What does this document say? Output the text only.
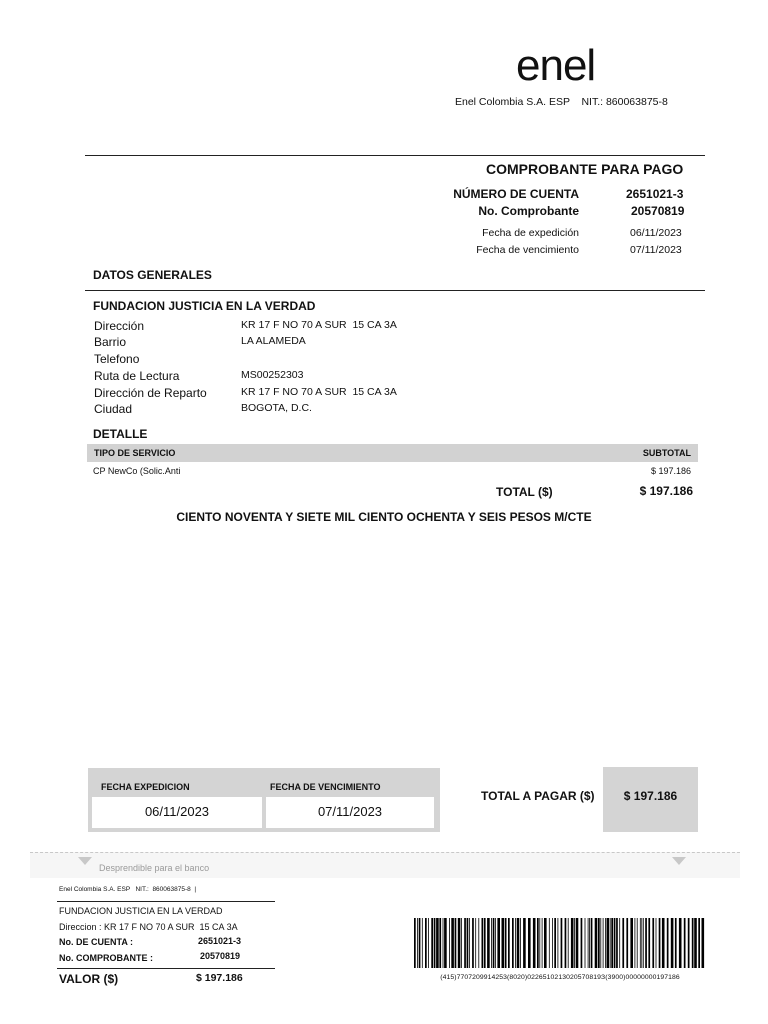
enel
Enel Colombia S.A. ESP    NIT.: 860063875-8
COMPROBANTE PARA PAGO
NÚMERO DE CUENTA	2651021-3
No. Comprobante	20570819
Fecha de expedición	06/11/2023
Fecha de vencimiento	07/11/2023
DATOS GENERALES
FUNDACION JUSTICIA EN LA VERDAD
Dirección	KR 17 F NO 70 A SUR  15 CA 3A
Barrio	LA ALAMEDA
Telefono
Ruta de Lectura	MS00252303
Dirección de Reparto	KR 17 F NO 70 A SUR  15 CA 3A
Ciudad	BOGOTA, D.C.
DETALLE
TIPO DE SERVICIO	SUBTOTAL
CP NewCo (Solic.Anti	$ 197.186
TOTAL ($)	$ 197.186
CIENTO NOVENTA Y SIETE MIL CIENTO OCHENTA Y SEIS PESOS M/CTE
FECHA EXPEDICION	FECHA DE VENCIMIENTO
06/11/2023	07/11/2023
TOTAL A PAGAR ($)	$ 197.186
Desprendible para el banco
Enel Colombia S.A. ESP   NIT.:  860063875-8  |
FUNDACION JUSTICIA EN LA VERDAD
Direccion : KR 17 F NO 70 A SUR  15 CA 3A
No. DE CUENTA :	2651021-3
No. COMPROBANTE :	20570819
VALOR ($)	$ 197.186	(415)7707209914253(8020)0226510213020570819З(3900)00000000197186
